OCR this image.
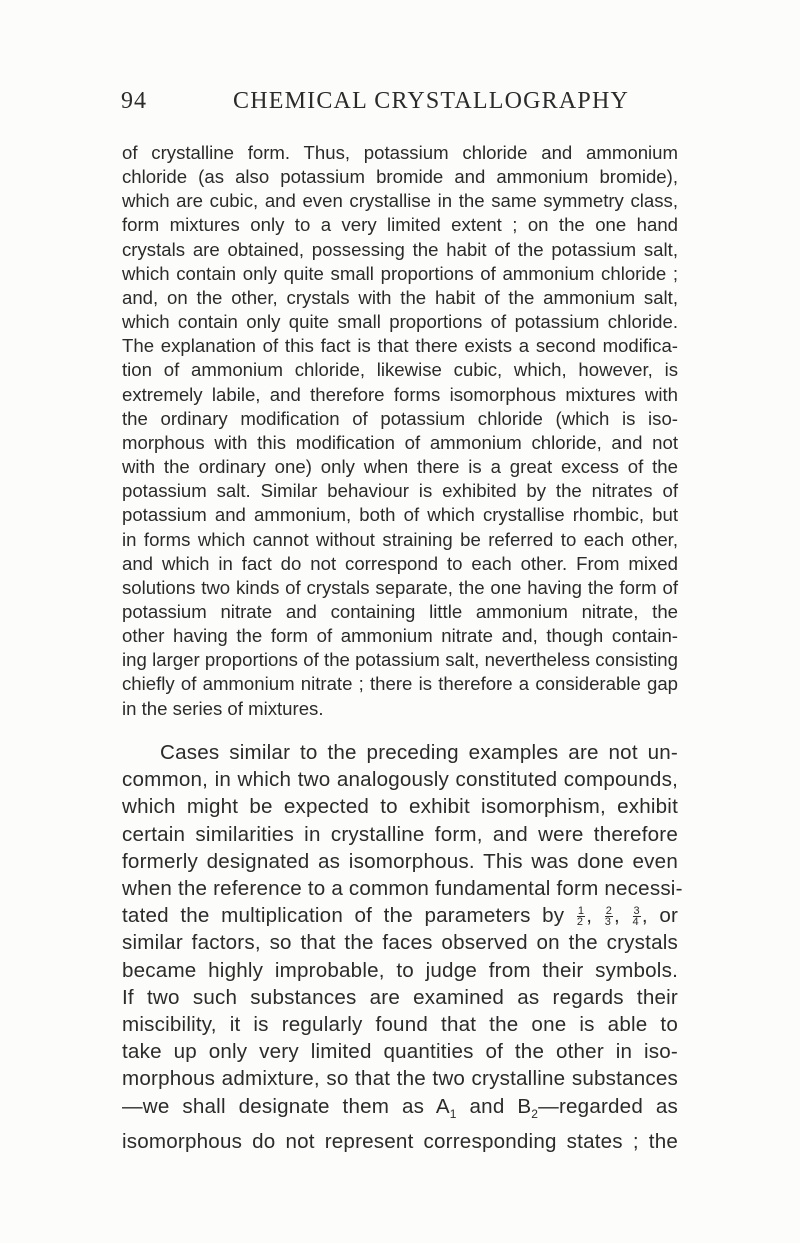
94	CHEMICAL CRYSTALLOGRAPHY
of crystalline form. Thus, potassium chloride and ammonium
chloride (as also potassium bromide and ammonium bromide),
which are cubic, and even crystallise in the same symmetry class,
form mixtures only to a very limited extent ; on the one hand
crystals are obtained, possessing the habit of the potassium salt,
which contain only quite small proportions of ammonium chloride ;
and, on the other, crystals with the habit of the ammonium salt,
which contain only quite small proportions of potassium chloride.
The explanation of this fact is that there exists a second modifica-
tion of ammonium chloride, likewise cubic, which, however, is
extremely labile, and therefore forms isomorphous mixtures with
the ordinary modification of potassium chloride (which is iso-
morphous with this modification of ammonium chloride, and not
with the ordinary one) only when there is a great excess of the
potassium salt. Similar behaviour is exhibited by the nitrates of
potassium and ammonium, both of which crystallise rhombic, but
in forms which cannot without straining be referred to each other,
and which in fact do not correspond to each other. From mixed
solutions two kinds of crystals separate, the one having the form of
potassium nitrate and containing little ammonium nitrate, the
other having the form of ammonium nitrate and, though contain-
ing larger proportions of the potassium salt, nevertheless consisting
chiefly of ammonium nitrate ; there is therefore a considerable gap
in the series of mixtures.
Cases similar to the preceding examples are not un-
common, in which two analogously constituted compounds,
which might be expected to exhibit isomorphism, exhibit
certain similarities in crystalline form, and were therefore
formerly designated as isomorphous. This was done even
when the reference to a common fundamental form necessi-
tated the multiplication of the parameters by $\frac{1}{2}$ , $\frac{2}{3}$ , $\frac{3}{4}$ , or
similar factors, so that the faces observed on the crystals
became highly improbable, to judge from their symbols.
If two such substances are examined as regards their
miscibility, it is regularly found that the one is able to
take up only very limited quantities of the other in iso-
morphous admixture, so that the two crystalline substances
—we shall designate them as $A_1$ and $B_2—regarded$ as
isomorphous do not represent corresponding states ; the
